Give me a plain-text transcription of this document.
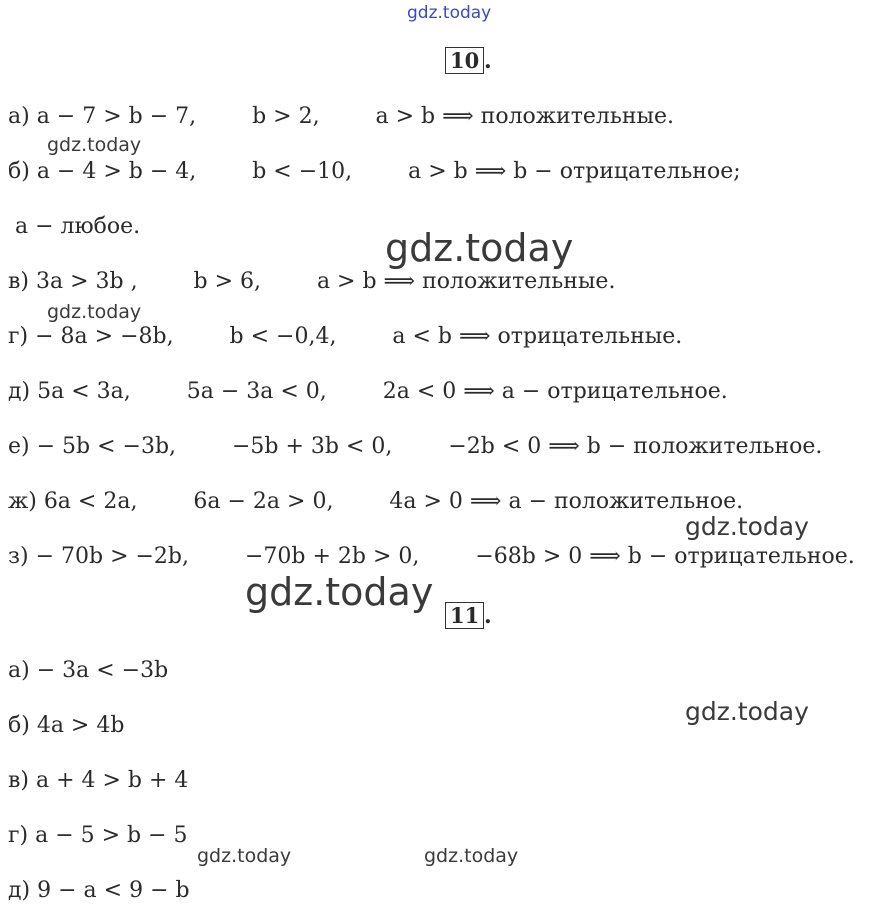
10 .
а) a − 7 > b − 7,        b > 2,        a > b ⟹ положительные.
б) a − 4 > b − 4,        b < −10,        a > b ⟹ b − отрицательное;
a − любое.
в) 3a > 3b ,        b > 6,        a > b ⟹ положительные.
г) − 8a > −8b,        b < −0,4,        a < b ⟹ отрицательные.
д) 5a < 3a,        5a − 3a < 0,        2a < 0 ⟹ a − отрицательное.
е) − 5b < −3b,        −5b + 3b < 0,        −2b < 0 ⟹ b − положительное.
ж) 6a < 2a,        6a − 2a > 0,        4a > 0 ⟹ a − положительное.
з) − 70b > −2b,        −70b + 2b > 0,        −68b > 0 ⟹ b − отрицательное.
11 .
а) − 3a < −3b
б) 4a > 4b
в) a + 4 > b + 4
г) a − 5 > b − 5
д) 9 − a < 9 − b
gdz.today
gdz.today
gdz.today
gdz.today
gdz.today
gdz.today
gdz.today
gdz.today	gdz.today
